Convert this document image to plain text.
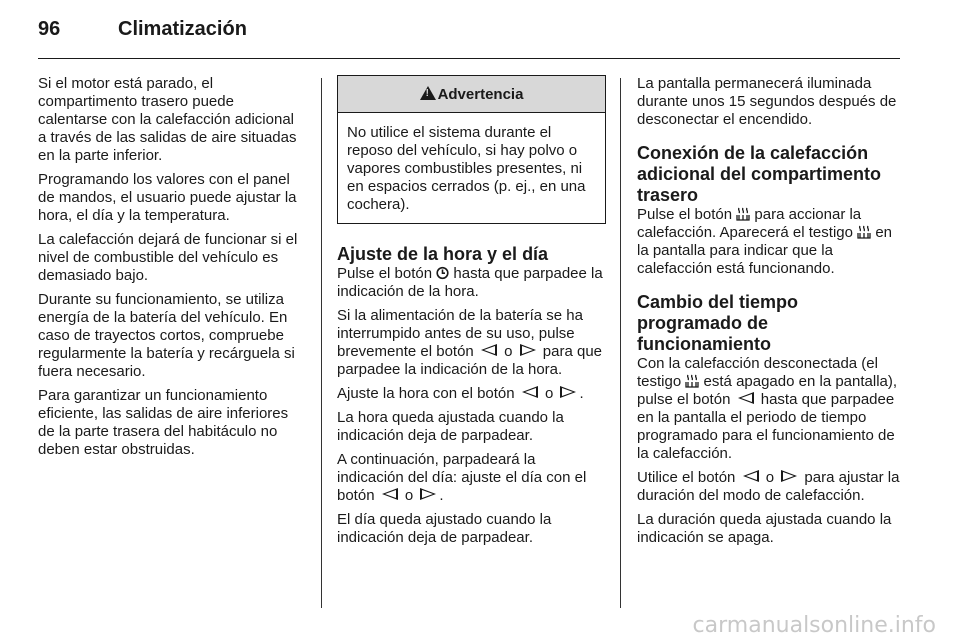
96	Climatización

Si el motor está parado, el compartimento trasero puede calentarse con la calefacción adicional a través de las salidas de aire situadas en la parte inferior.

Programando los valores con el panel de mandos, el usuario puede ajustar la hora, el día y la temperatura.

La calefacción dejará de funcionar si el nivel de combustible del vehículo es demasiado bajo.

Durante su funcionamiento, se utiliza energía de la batería del vehículo. En caso de trayectos cortos, compruebe regularmente la batería y recárguela si fuera necesario.

Para garantizar un funcionamiento eficiente, las salidas de aire inferiores de la parte trasera del habitáculo no deben estar obstruidas.

!Advertencia
No utilice el sistema durante el reposo del vehículo, si hay polvo o vapores combustibles presentes, ni en espacios cerrados (p. ej., en una cochera).
Ajuste de la hora y el día

Pulse el botón hasta que parpadee la indicación de la hora.

Si la alimentación de la batería se ha interrumpido antes de su uso, pulse brevemente el botón o para que parpadee la indicación de la hora.

Ajuste la hora con el botón o .

La hora queda ajustada cuando la indicación deja de parpadear.

A continuación, parpadeará la indicación del día: ajuste el día con el botón o .

El día queda ajustado cuando la indicación deja de parpadear.

La pantalla permanecerá iluminada durante unos 15 segundos después de desconectar el encendido.

Conexión de la calefacción adicional del compartimento trasero

Pulse el botón para accionar la calefacción. Aparecerá el testigo en la pantalla para indicar que la calefacción está funcionando.

Cambio del tiempo programado de funcionamiento

Con la calefacción desconectada (el testigo está apagado en la pantalla), pulse el botón hasta que parpadee en la pantalla el periodo de tiempo programado para el funcionamiento de la calefacción.

Utilice el botón o para ajustar la duración del modo de calefacción.

La duración queda ajustada cuando la indicación se apaga.

carmanualsonline.info
